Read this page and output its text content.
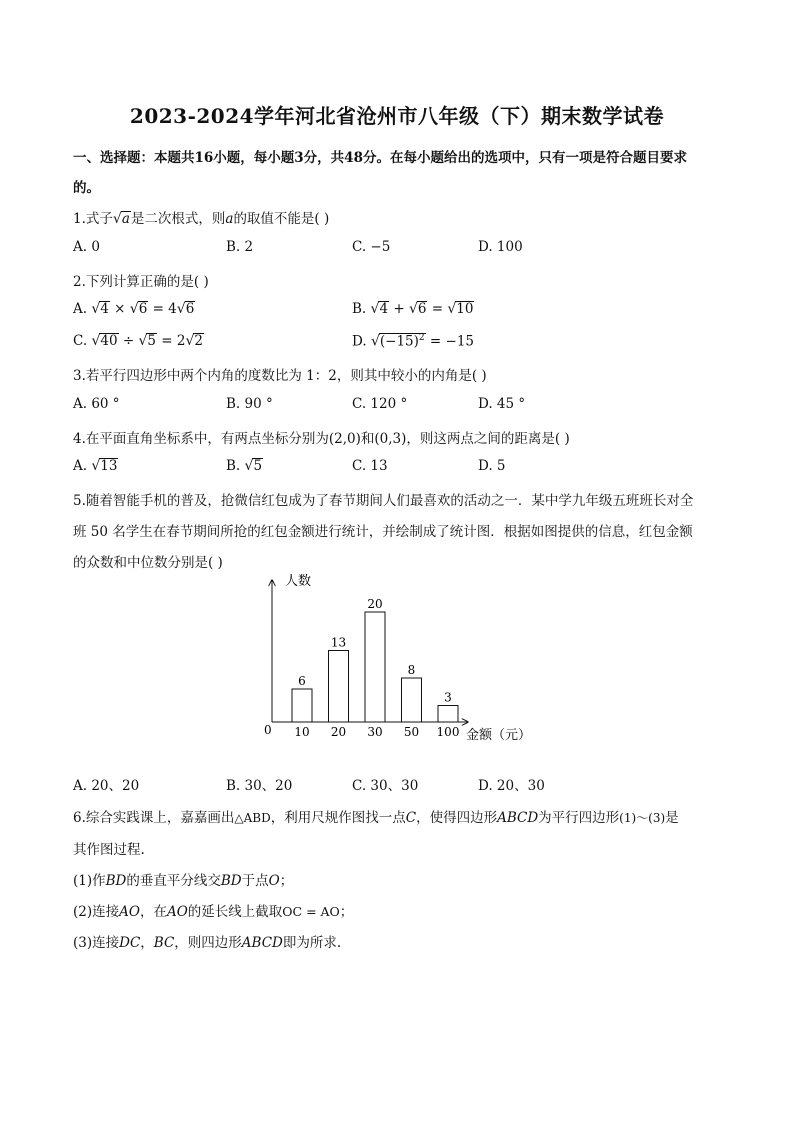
2023-2024学年河北省沧州市八年级（下）期末数学试卷
一、选择题：本题共16小题，每小题3分，共48分。在每小题给出的选项中，只有一项是符合题目要求
的。
1.式子√a是二次根式，则a的取值不能是( )
A. 0	B. 2	C. −5	D. 100
2.下列计算正确的是( )
A. √4 × √6 = 4√6	B. √4 + √6 = √10
C. √40 ÷ √5 = 2√2	D. $√(-15)^2 = -15$
3.若平行四边形中两个内角的度数比为 1：2，则其中较小的内角是( )
A. 60 °	B. 90 °	C. 120 °	D. 45 °
4.在平面直角坐标系中，有两点坐标分别为(2,0)和(0,3)，则这两点之间的距离是( )
A. √13	B. √5	C. 13	D. 5
5.随着智能手机的普及，抢微信红包成为了春节期间人们最喜欢的活动之一．某中学九年级五班班长对全
班 50 名学生在春节期间所抢的红包金额进行统计，并绘制成了统计图．根据如图提供的信息，红包金额
的众数和中位数分别是( )
人数
金额（元）
0
6
10
13
20
20
30
8
50
3
100
A. 20、20	B. 30、20	C. 30、30	D. 20、30
6.综合实践课上，嘉嘉画出△ABD，利用尺规作图找一点C，使得四边形ABCD为平行四边形(1)～(3)是
其作图过程.
(1)作BD的垂直平分线交BD于点O；
(2)连接AO，在AO的延长线上截取OC = AO；
(3)连接DC，BC，则四边形ABCD即为所求.
